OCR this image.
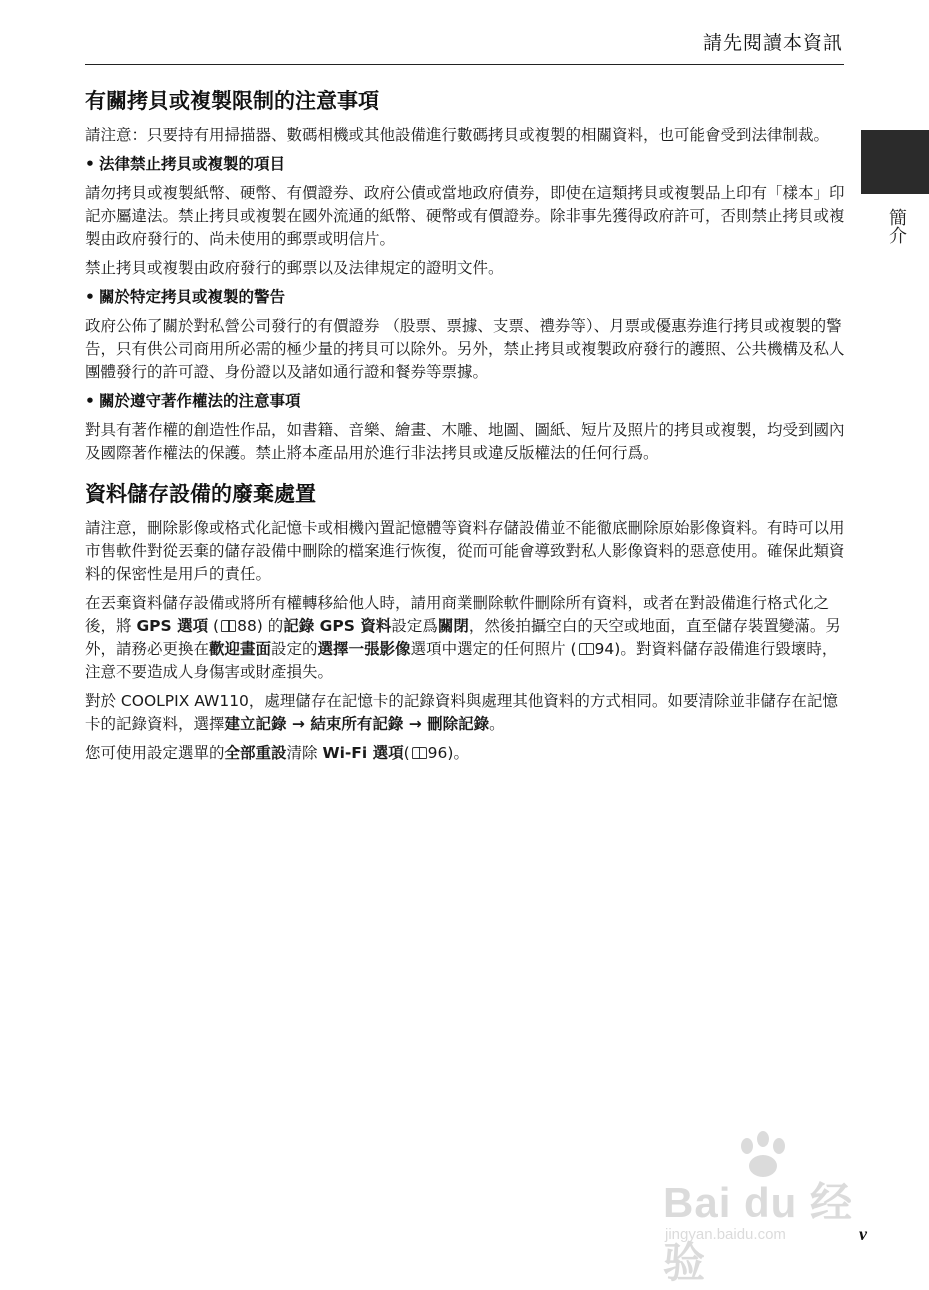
請先閱讀本資訊
簡介
有關拷貝或複製限制的注意事項

請注意：只要持有用掃描器、數碼相機或其他設備進行數碼拷貝或複製的相關資料，也可能會受到法律制裁。

• 法律禁止拷貝或複製的項目

請勿拷貝或複製紙幣、硬幣、有價證券、政府公債或當地政府債券，即使在這類拷貝或複製品上印有「樣本」印記亦屬違法。禁止拷貝或複製在國外流通的紙幣、硬幣或有價證券。除非事先獲得政府許可，否則禁止拷貝或複製由政府發行的、尚未使用的郵票或明信片。

禁止拷貝或複製由政府發行的郵票以及法律規定的證明文件。

• 關於特定拷貝或複製的警告

政府公佈了關於對私營公司發行的有價證券 （股票、票據、支票、禮券等）、月票或優惠券進行拷貝或複製的警告，只有供公司商用所必需的極少量的拷貝可以除外。另外，禁止拷貝或複製政府發行的護照、公共機構及私人團體發行的許可證、身份證以及諸如通行證和餐券等票據。

• 關於遵守著作權法的注意事項

對具有著作權的創造性作品，如書籍、音樂、繪畫、木雕、地圖、圖紙、短片及照片的拷貝或複製，均受到國內及國際著作權法的保護。禁止將本產品用於進行非法拷貝或違反版權法的任何行爲。

資料儲存設備的廢棄處置

請注意，刪除影像或格式化記憶卡或相機內置記憶體等資料存儲設備並不能徹底刪除原始影像資料。有時可以用市售軟件對從丟棄的儲存設備中刪除的檔案進行恢復，從而可能會導致對私人影像資料的惡意使用。確保此類資料的保密性是用戶的責任。

在丟棄資料儲存設備或將所有權轉移給他人時，請用商業刪除軟件刪除所有資料，或者在對設備進行格式化之後，將 GPS 選項 ( 88) 的記錄 GPS 資料設定爲關閉，然後拍攝空白的天空或地面，直至儲存裝置變滿。另外，請務必更換在歡迎畫面設定的選擇一張影像選項中選定的任何照片 ( 94)。對資料儲存設備進行毀壞時，注意不要造成人身傷害或財產損失。

對於 COOLPIX AW110，處理儲存在記憶卡的記錄資料與處理其他資料的方式相同。如要清除並非儲存在記憶卡的記錄資料，選擇建立記錄 → 結束所有記錄 → 刪除記錄。

您可使用設定選單的全部重設清除 Wi-Fi 選項( 96)。

Bai du 经验
jingyan.baidu.com	v
